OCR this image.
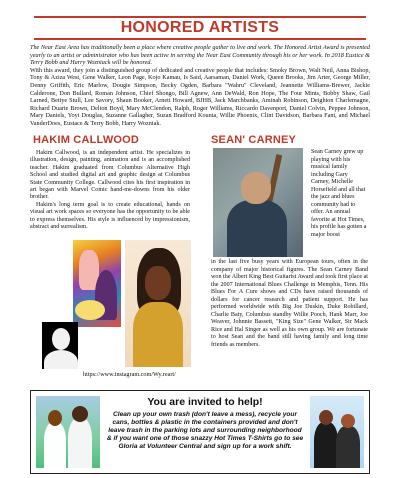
HONORED ARTISTS

The Near East Area has traditionally been a place where creative people gather to live and work. The Honored Artist Award is presented yearly to an artist or administrator who has been active in serving the Near East Community through his or her work. In 2018 Eustice & Terry Bobb and Harry Wozniack will be honored.

With this award, they join a distinguished group of dedicated and creative people that includes: Smoky Brown, Walt Neil, Anna Bishop, Tony & Aziza West, Gene Walker, Leon Page, Kojo Kamau, Is Said, Aarsaman, Daniel Work, Queen Brooks, Jim Arter, George Miller, Denny Griffith, Eric Marlow, Dougie Simpson, Becky Ogden, Barbara "Wahru" Cleveland, Jeannette Williams-Brewer, Jackie Calderone, Don Bullard, Roman Johnson, Chief Shongo, Bill Agnew, Ann DeWald, Ron Hope, The Four Mints, Bobby Shaw, Gail Larned, Bettye Stull, Lee Savory, Shaun Booker, Arnett Howard, BJHB, Jack Marchbanks, Aminah Robinson, Deighton Charlemagne, Richard Duarte Brown, Delton Boyd, Mary McClendon, Ralph, Roger Williams, Riccardo Davenport, Daniel Colvin, Peppee Johnson, Mary Daniels, Yoyi Douglas, Suzanne Gallagher, Suzan Bradford Kounta, Willie Phoenix, Clint Davidson, Barbara Fant, and Michael VanderDoes, Eustace & Terry Bobb, Harry Wozniak.

HAKIM CALLWOOD	SEAN' CARNEY

Hakim Callwood, is an independent artist. He specializes in illustration, design, painting, animation and is an accomplished teacher. Hakim graduated from Columbus Alternative High School and studied digital art and graphic design at Columbus State Community College. Callwood cites his first inspiration in art began with Marvel Comic hand-me-downs from his older brother.

Hakim's long term goal is to create educational, hands on visual art work spaces so everyone has the opportunity to be able to express themselves. His style is influenced by impressionism, abstract and surrealism.

https://www.instagram.com/Wy.reart/
Sean Carney grew up playing with his musical family including Gary Carney, Michelle Horsefield and all that the jazz and blues community had to offer. An annual favorite at Hot Times, his profile has gotten a major boost
in the last five busy years with European tours, often in the company of major historical figures. The Sean Carney Band won the Albert King Best Guitarist Award and took first place at the 2007 International Blues Challenge in Memphis, Tenn. His Blues For A Cure shows and CDs have raised thousands of dollars for cancer research and patient support. He has performed worldwide with Big Joe Duskin, Duke Robillard, Charlie Baty, Columbus standby Willie Pooch, Hank Marr, Joe Weaver, Johnnie Bassett, "King Size" Gene Walker, Sir Mack Rice and Hal Singer as well as his own group. We are fortunate to host Sean and the band still having family and long time friends as members.
You are invited to help!
Clean up your own trash (don't leave a mess), recycle your cans, bottles & plastic in the containers provided and don't leave trash in the parking lots and surrounding neighborhood & if you want one of those snazzy Hot Times T-Shirts go to see Gloria at Volunteer Central and sign up for a work shift.
